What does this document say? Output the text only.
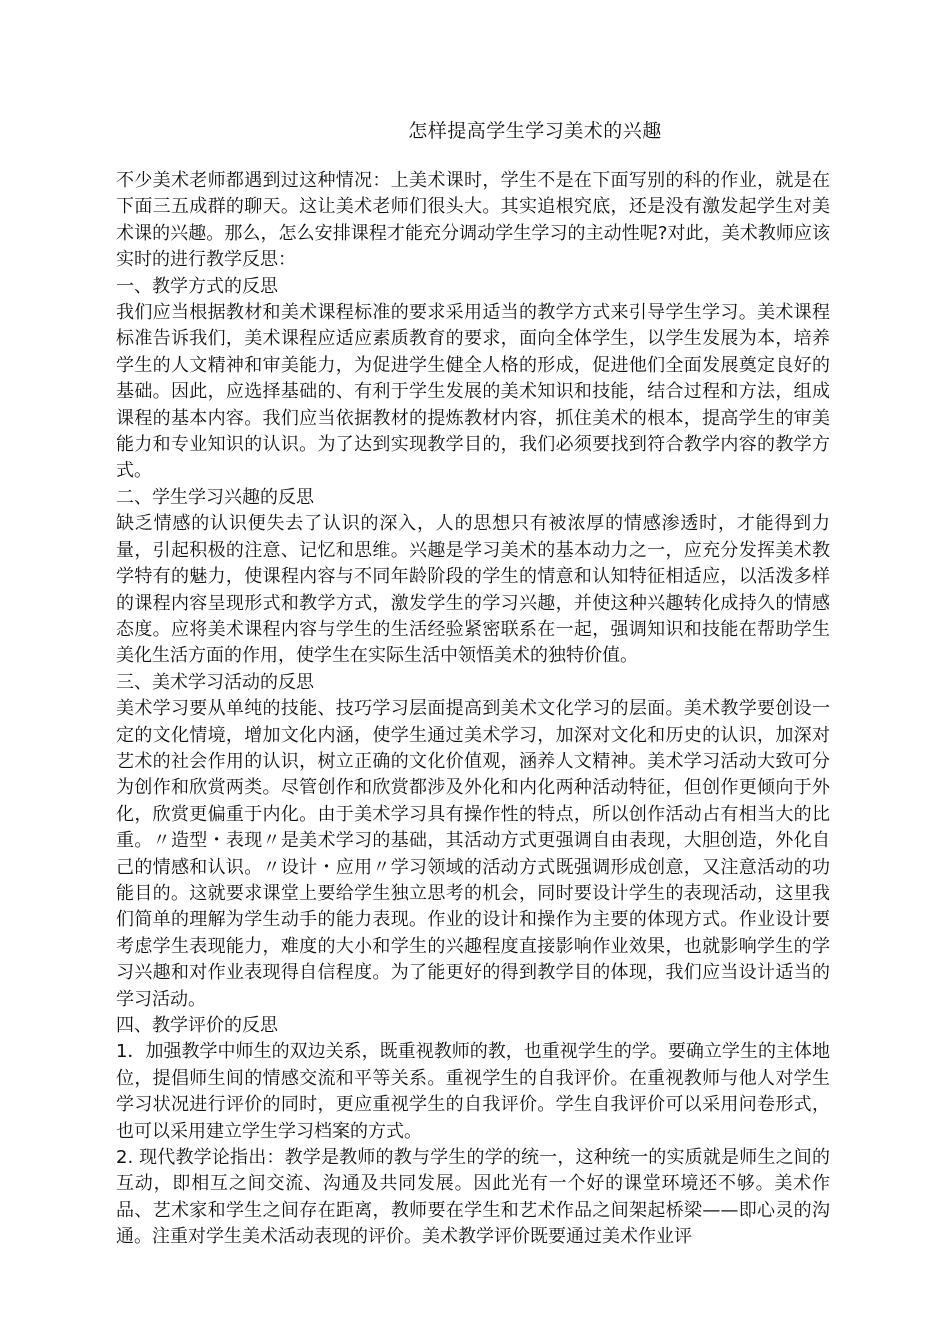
怎样提高学生学习美术的兴趣

不少美术老师都遇到过这种情况：上美术课时，学生不是在下面写别的科的作业，就是在下面三五成群的聊天。这让美术老师们很头大。其实追根究底，还是没有激发起学生对美术课的兴趣。那么，怎么安排课程才能充分调动学生学习的主动性呢?对此，美术教师应该实时的进行教学反思：

一、教学方式的反思

我们应当根据教材和美术课程标准的要求采用适当的教学方式来引导学生学习。美术课程标准告诉我们，美术课程应适应素质教育的要求，面向全体学生，以学生发展为本，培养学生的人文精神和审美能力，为促进学生健全人格的形成，促进他们全面发展奠定良好的基础。因此，应选择基础的、有利于学生发展的美术知识和技能，结合过程和方法，组成课程的基本内容。我们应当依据教材的提炼教材内容，抓住美术的根本，提高学生的审美能力和专业知识的认识。为了达到实现教学目的，我们必须要找到符合教学内容的教学方式。

二、学生学习兴趣的反思

缺乏情感的认识便失去了认识的深入，人的思想只有被浓厚的情感渗透时，才能得到力量，引起积极的注意、记忆和思维。兴趣是学习美术的基本动力之一，应充分发挥美术教学特有的魅力，使课程内容与不同年龄阶段的学生的情意和认知特征相适应，以活泼多样的课程内容呈现形式和教学方式，激发学生的学习兴趣，并使这种兴趣转化成持久的情感态度。应将美术课程内容与学生的生活经验紧密联系在一起，强调知识和技能在帮助学生美化生活方面的作用，使学生在实际生活中领悟美术的独特价值。

三、美术学习活动的反思

美术学习要从单纯的技能、技巧学习层面提高到美术文化学习的层面。美术教学要创设一定的文化情境，增加文化内涵，使学生通过美术学习，加深对文化和历史的认识，加深对艺术的社会作用的认识，树立正确的文化价值观，涵养人文精神。美术学习活动大致可分为创作和欣赏两类。尽管创作和欣赏都涉及外化和内化两种活动特征，但创作更倾向于外化，欣赏更偏重于内化。由于美术学习具有操作性的特点，所以创作活动占有相当大的比重。〃造型・表现〃是美术学习的基础，其活动方式更强调自由表现，大胆创造，外化自己的情感和认识。〃设计・应用〃学习领域的活动方式既强调形成创意，又注意活动的功能目的。这就要求课堂上要给学生独立思考的机会，同时要设计学生的表现活动，这里我们简单的理解为学生动手的能力表现。作业的设计和操作为主要的体现方式。作业设计要考虑学生表现能力，难度的大小和学生的兴趣程度直接影响作业效果，也就影响学生的学习兴趣和对作业表现得自信程度。为了能更好的得到教学目的体现，我们应当设计适当的学习活动。

四、教学评价的反思

1．加强教学中师生的双边关系，既重视教师的教，也重视学生的学。要确立学生的主体地位，提倡师生间的情感交流和平等关系。重视学生的自我评价。在重视教师与他人对学生学习状况进行评价的同时，更应重视学生的自我评价。学生自我评价可以采用问卷形式，也可以采用建立学生学习档案的方式。

2. 现代教学论指出：教学是教师的教与学生的学的统一，这种统一的实质就是师生之间的互动，即相互之间交流、沟通及共同发展。因此光有一个好的课堂环境还不够。美术作品、艺术家和学生之间存在距离，教师要在学生和艺术作品之间架起桥梁——即心灵的沟通。注重对学生美术活动表现的评价。美术教学评价既要通过美术作业评
